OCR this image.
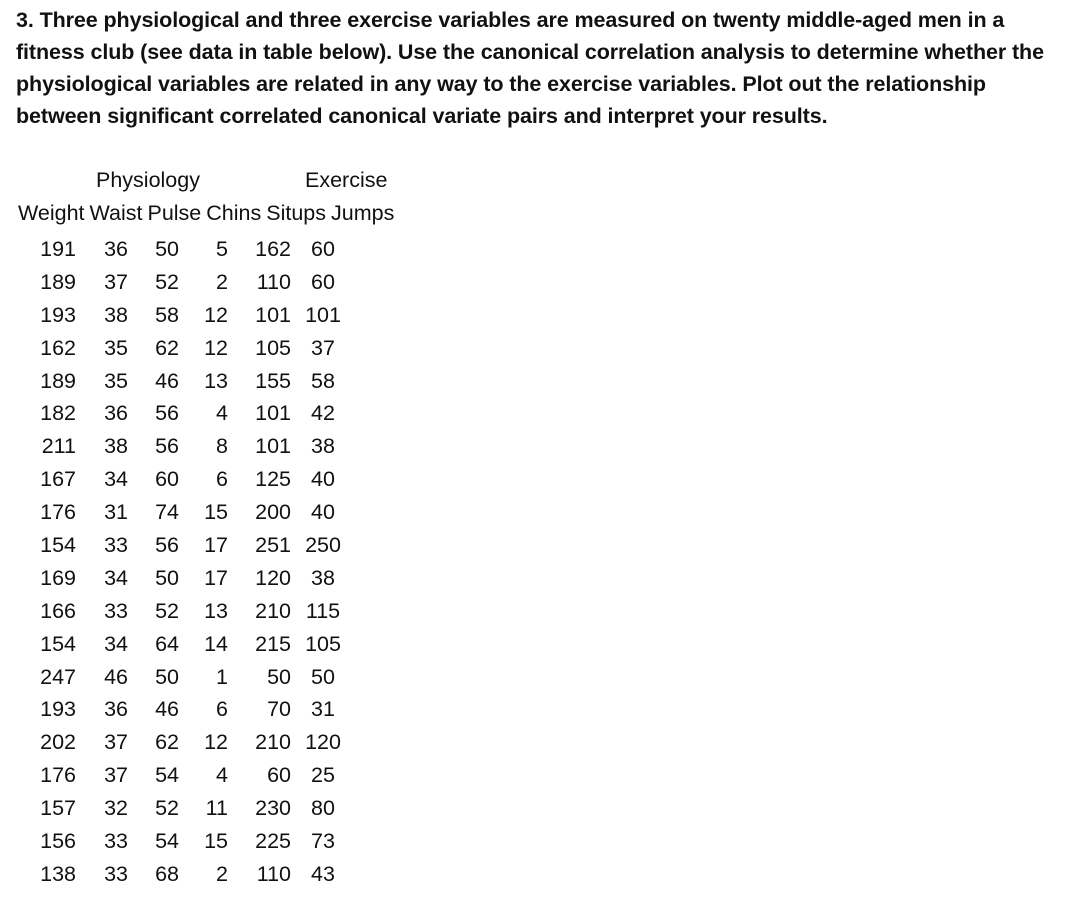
3. Three physiological and three exercise variables are measured on twenty middle-aged men in a fitness club (see data in table below). Use the canonical correlation analysis to determine whether the physiological variables are related in any way to the exercise variables. Plot out the relationship between significant correlated canonical variate pairs and interpret your results.
Physiology	Exercise
Weight Waist Pulse Chins Situps Jumps
191	36	50	5	162 60
189	37	52	2	110 60
193	38	58	12	101 101
162	35	62	12	105 37
189	35	46	13	155 58
182	36	56	4	101 42
211	38	56	8	101 38
167	34	60	6	125 40
176	31	74	15	200 40
154	33	56	17	251 250
169	34	50	17	120 38
166	33	52	13	210 115
154	34	64	14	215 105
247	46	50	1	50 50
193	36	46	6	70 31
202	37	62	12	210 120
176	37	54	4	60 25
157	32	52	11	230 80
156	33	54	15	225 73
138	33	68	2	110 43
